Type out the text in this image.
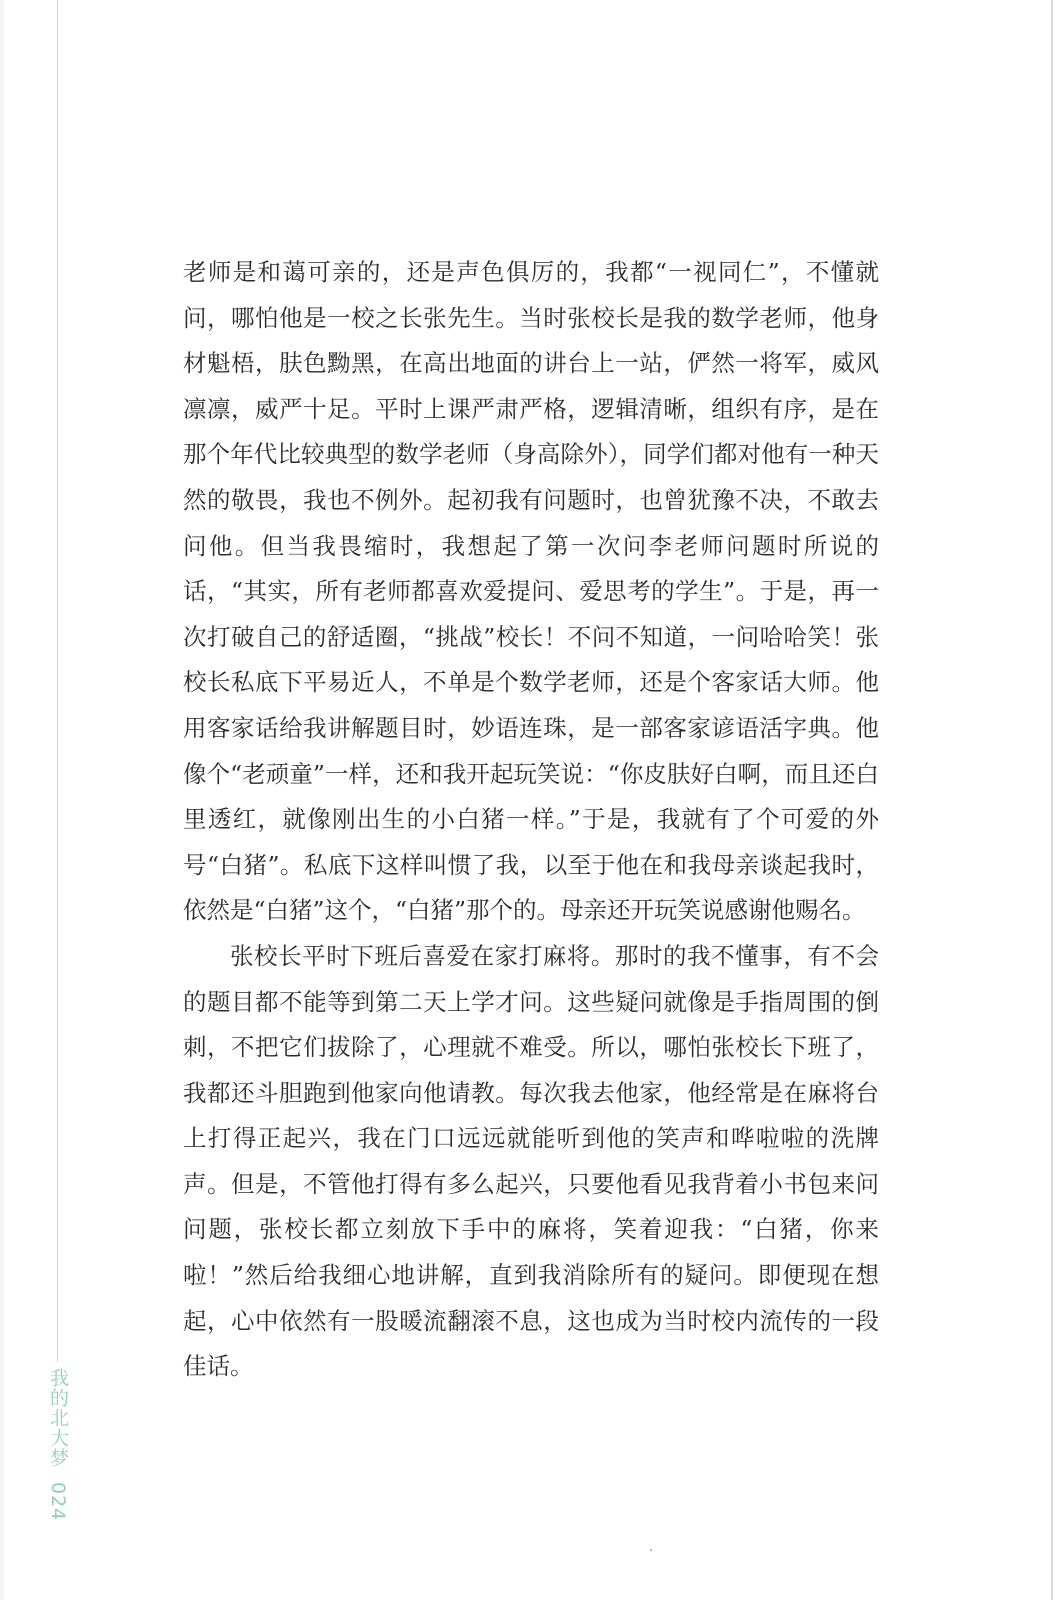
我的北大梦024

老师是和蔼可亲的，还是声色俱厉的，我都“一视同仁”，不懂就问，哪怕他是一校之长张先生。当时张校长是我的数学老师，他身材魁梧，肤色黝黑，在高出地面的讲台上一站，俨然一将军，威风凛凛，威严十足。平时上课严肃严格，逻辑清晰，组织有序，是在那个年代比较典型的数学老师（身高除外），同学们都对他有一种天然的敬畏，我也不例外。起初我有问题时，也曾犹豫不决，不敢去问他。但当我畏缩时，我想起了第一次问李老师问题时所说的话，“其实，所有老师都喜欢爱提问、爱思考的学生”。于是，再一次打破自己的舒适圈，“挑战”校长！不问不知道，一问哈哈笑！张校长私底下平易近人，不单是个数学老师，还是个客家话大师。他用客家话给我讲解题目时，妙语连珠，是一部客家谚语活字典。他像个“老顽童”一样，还和我开起玩笑说：“你皮肤好白啊，而且还白里透红，就像刚出生的小白猪一样。”于是，我就有了个可爱的外号“白猪”。私底下这样叫惯了我，以至于他在和我母亲谈起我时，依然是“白猪”这个，“白猪”那个的。母亲还开玩笑说感谢他赐名。

张校长平时下班后喜爱在家打麻将。那时的我不懂事，有不会的题目都不能等到第二天上学才问。这些疑问就像是手指周围的倒刺，不把它们拔除了，心理就不难受。所以，哪怕张校长下班了，我都还斗胆跑到他家向他请教。每次我去他家，他经常是在麻将台上打得正起兴，我在门口远远就能听到他的笑声和哗啦啦的洗牌声。但是，不管他打得有多么起兴，只要他看见我背着小书包来问问题，张校长都立刻放下手中的麻将，笑着迎我：“白猪，你来啦！”然后给我细心地讲解，直到我消除所有的疑问。即便现在想起，心中依然有一股暖流翻滚不息，这也成为当时校内流传的一段佳话。
